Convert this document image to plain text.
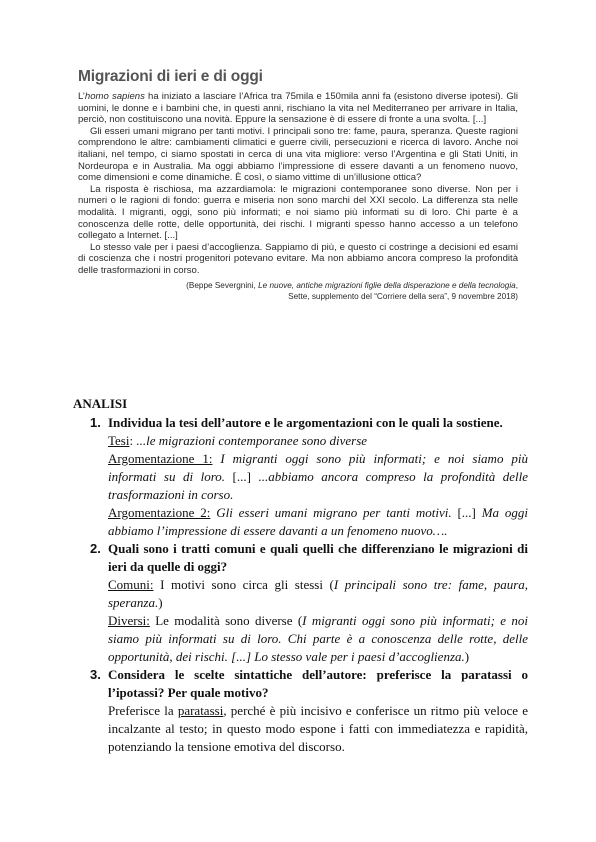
Migrazioni di ieri e di oggi

L’homo sapiens ha iniziato a lasciare l’Africa tra 75mila e 150mila anni fa (esistono diverse ipotesi). Gli uomini, le donne e i bambini che, in questi anni, rischiano la vita nel Mediterraneo per arrivare in Italia, perciò, non costituiscono una novità. Eppure la sensazione è di essere di fronte a una svolta. [...]

Gli esseri umani migrano per tanti motivi. I principali sono tre: fame, paura, speranza. Queste ragioni comprendono le altre: cambiamenti climatici e guerre civili, persecuzioni e ricerca di lavoro. Anche noi italiani, nel tempo, ci siamo spostati in cerca di una vita migliore: verso l’Argentina e gli Stati Uniti, in Nordeuropa e in Australia. Ma oggi abbiamo l’impressione di essere davanti a un fenomeno nuovo, come dimensioni e come dinamiche. È così, o siamo vittime di un’illusione ottica?

La risposta è rischiosa, ma azzardiamola: le migrazioni contemporanee sono diverse. Non per i numeri o le ragioni di fondo: guerra e miseria non sono marchi del XXI secolo. La differenza sta nelle modalità. I migranti, oggi, sono più informati; e noi siamo più informati su di loro. Chi parte è a conoscenza delle rotte, delle opportunità, dei rischi. I migranti spesso hanno accesso a un telefono collegato a Internet. [...]

Lo stesso vale per i paesi d’accoglienza. Sappiamo di più, e questo ci costringe a decisioni ed esami di coscienza che i nostri progenitori potevano evitare. Ma non abbiamo ancora compreso la profondità delle trasformazioni in corso.

(Beppe Severgnini, Le nuove, antiche migrazioni figlie della disperazione e della tecnologia,
Sette, supplemento del “Corriere della sera”, 9 novembre 2018)
ANALISI
1. Individua la tesi dell’autore e le argomentazioni con le quali la sostiene.
Tesi: ...le migrazioni contemporanee sono diverse
Argomentazione 1: I migranti oggi sono più informati; e noi siamo più informati su di loro. [...] ...abbiamo ancora compreso la profondità delle trasformazioni in corso.
Argomentazione 2: Gli esseri umani migrano per tanti motivi. [...] Ma oggi abbiamo l’impressione di essere davanti a un fenomeno nuovo….
2. Quali sono i tratti comuni e quali quelli che differenziano le migrazioni di ieri da quelle di oggi?
Comuni: I motivi sono circa gli stessi (I principali sono tre: fame, paura, speranza.)
Diversi: Le modalità sono diverse (I migranti oggi sono più informati; e noi siamo più informati su di loro. Chi parte è a conoscenza delle rotte, delle opportunità, dei rischi. [...] Lo stesso vale per i paesi d’accoglienza.)
3. Considera le scelte sintattiche dell’autore: preferisce la paratassi o l’ipotassi? Per quale motivo?
Preferisce la paratassi, perché è più incisivo e conferisce un ritmo più veloce e incalzante al testo; in questo modo espone i fatti con immediatezza e rapidità, potenziando la tensione emotiva del discorso.
